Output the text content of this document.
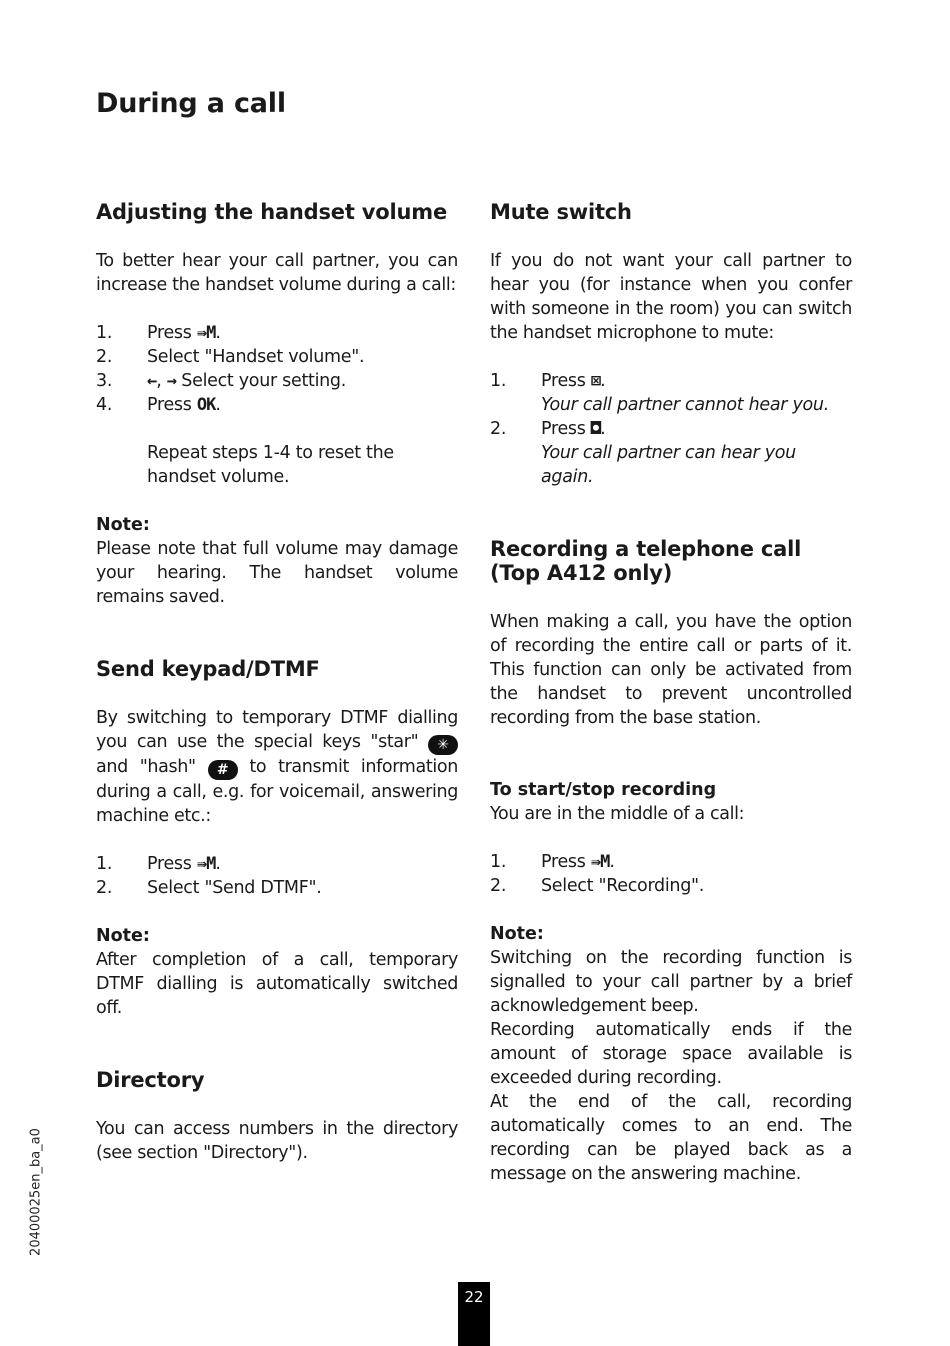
During a call
Adjusting the handset volume

To better hear your call partner, you can increase the handset volume during a call:

1.	Press ⇛M.
2.	Select "Handset volume".
3.	←, → Select your setting.
4.	Press OK.
Repeat steps 1-4 to reset the handset volume.
Note:

Please note that full volume may damage your hearing. The handset volume remains saved.

Send keypad/DTMF

By switching to temporary DTMF dialling you can use the special keys "star" ✳ and "hash" # to transmit information during a call, e.g. for voicemail, answering machine etc.:

1.	Press ⇛M.
2.	Select "Send DTMF".
Note:

After completion of a call, temporary DTMF dialling is automatically switched off.

Directory

You can access numbers in the directory (see section "Directory").

Mute switch

If you do not want your call partner to hear you (for instance when you confer with someone in the room) you can switch the handset microphone to mute:

1.	Press ⊠.
Your call partner cannot hear you.
2.	Press ◘.
Your call partner can hear you again.
Recording a telephone call
(Top A412 only)

When making a call, you have the option of recording the entire call or parts of it. This function can only be activated from the handset to prevent uncontrolled recording from the base station.

To start/stop recording

You are in the middle of a call:

1.	Press ⇛M.
2.	Select "Recording".
Note:

Switching on the recording function is signalled to your call partner by a brief acknowledgement beep.

Recording automatically ends if the amount of storage space available is exceeded during recording.

At the end of the call, recording automatically comes to an end. The recording can be played back as a message on the answering machine.

20400025en_ba_a0
22
